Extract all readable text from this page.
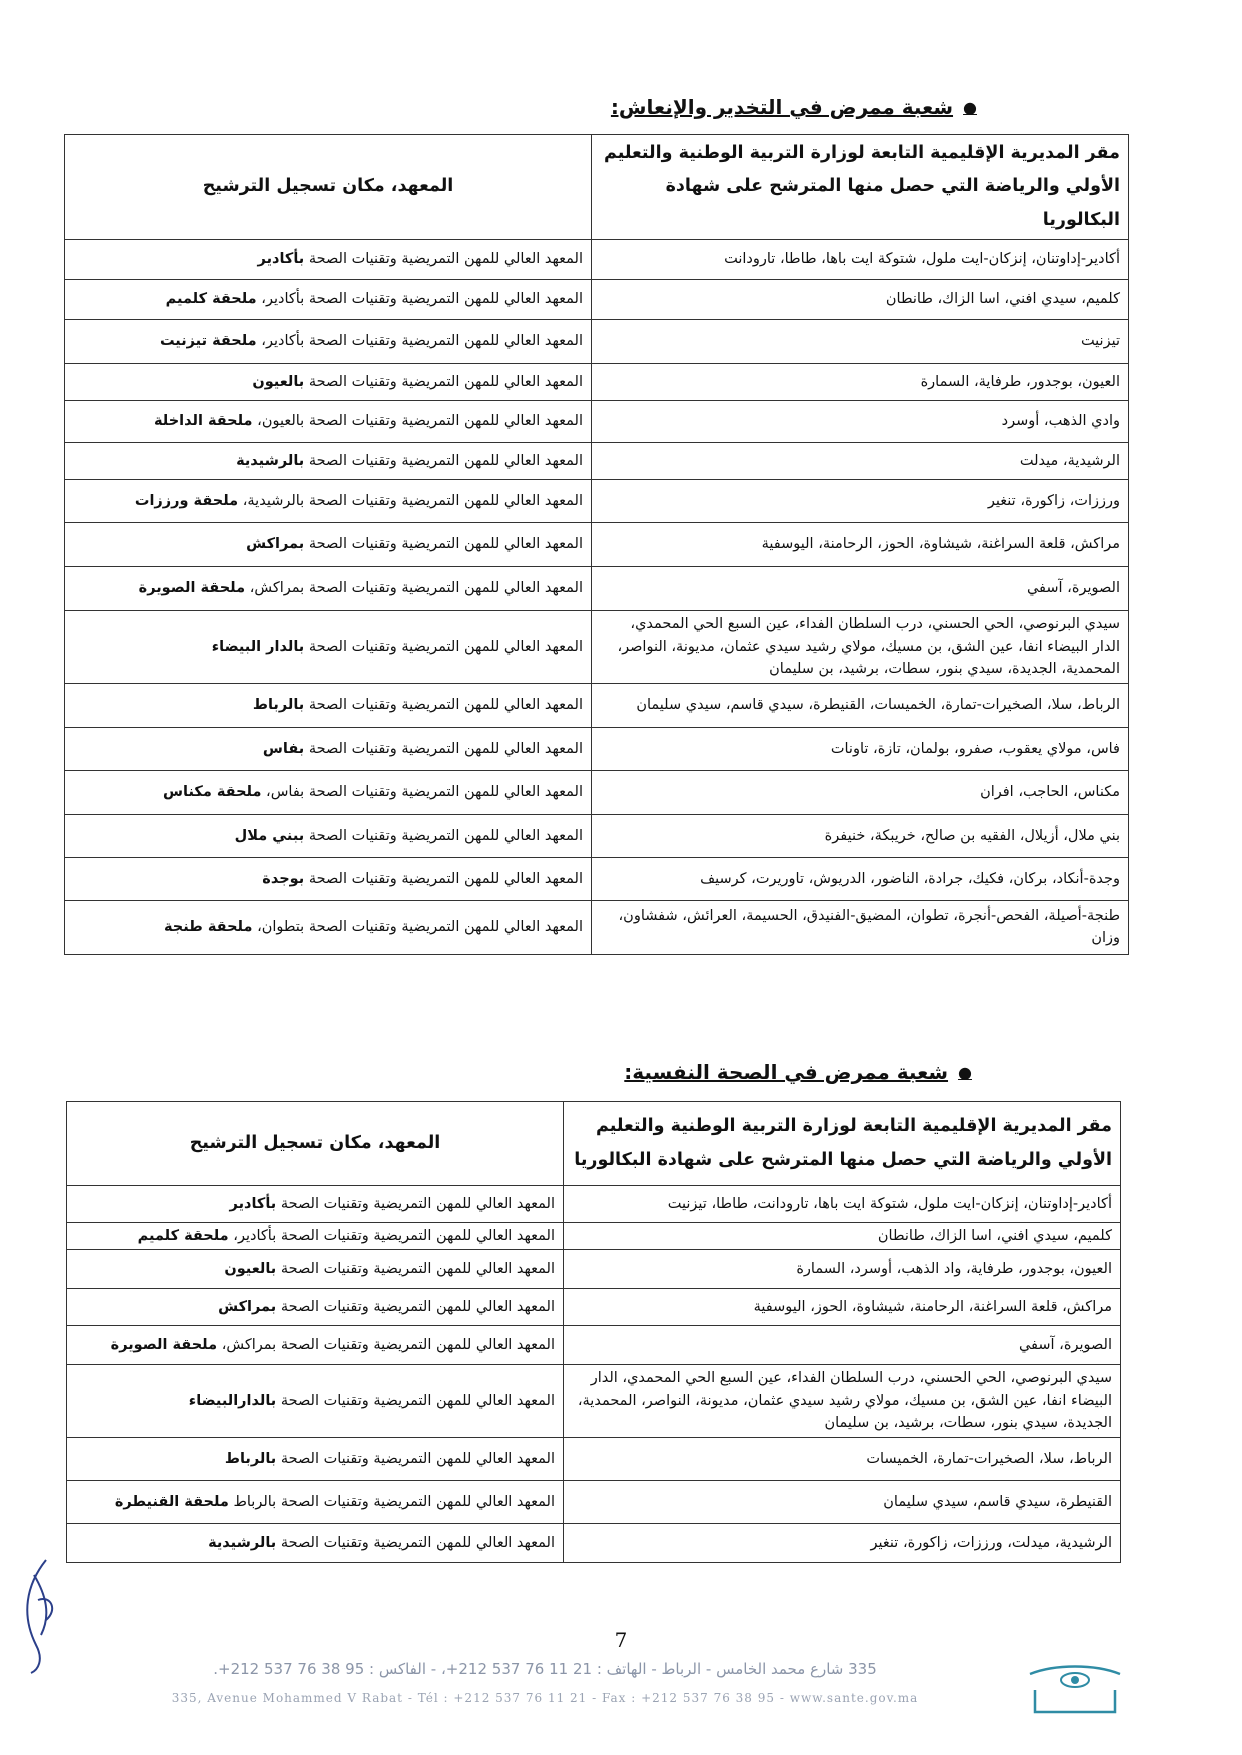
●
شعبة ممرض في التخدير والإنعاش:
مقر المديرية الإقليمية التابعة لوزارة التربية الوطنية والتعليم الأولي والرياضة التي حصل منها المترشح على شهادة البكالوريا	المعهد، مكان تسجيل الترشيح
أكادير-إداوتنان، إنزكان-ايت ملول، شتوكة ايت باها، طاطا، تارودانت	المعهد العالي للمهن التمريضية وتقنيات الصحة بأكادير
كلميم، سيدي افني، اسا الزاك، طانطان	المعهد العالي للمهن التمريضية وتقنيات الصحة بأكادير، ملحقة كلميم
تيزنيت	المعهد العالي للمهن التمريضية وتقنيات الصحة بأكادير، ملحقة تيزنيت
العيون، بوجدور، طرفاية، السمارة	المعهد العالي للمهن التمريضية وتقنيات الصحة بالعيون
وادي الذهب، أوسرد	المعهد العالي للمهن التمريضية وتقنيات الصحة بالعيون، ملحقة الداخلة
الرشيدية، ميدلت	المعهد العالي للمهن التمريضية وتقنيات الصحة بالرشيدية
ورززات، زاكورة، تنغير	المعهد العالي للمهن التمريضية وتقنيات الصحة بالرشيدية، ملحقة ورززات
مراكش، قلعة السراغنة، شيشاوة، الحوز، الرحامنة، اليوسفية	المعهد العالي للمهن التمريضية وتقنيات الصحة بمراكش
الصويرة، آسفي	المعهد العالي للمهن التمريضية وتقنيات الصحة بمراكش، ملحقة الصويرة
سيدي البرنوصي، الحي الحسني، درب السلطان الفداء، عين السبع الحي المحمدي، الدار البيضاء انفا، عين الشق، بن مسيك، مولاي رشيد سيدي عثمان، مديونة، النواصر، المحمدية، الجديدة، سيدي بنور، سطات، برشيد، بن سليمان	المعهد العالي للمهن التمريضية وتقنيات الصحة بالدار البيضاء
الرباط، سلا، الصخيرات-تمارة، الخميسات، القنيطرة، سيدي قاسم، سيدي سليمان	المعهد العالي للمهن التمريضية وتقنيات الصحة بالرباط
فاس، مولاي يعقوب، صفرو، بولمان، تازة، تاونات	المعهد العالي للمهن التمريضية وتقنيات الصحة بفاس
مكناس، الحاجب، افران	المعهد العالي للمهن التمريضية وتقنيات الصحة بفاس، ملحقة مكناس
بني ملال، أزيلال، الفقيه بن صالح، خريبكة، خنيفرة	المعهد العالي للمهن التمريضية وتقنيات الصحة ببني ملال
وجدة-أنكاد، بركان، فكيك، جرادة، الناضور، الدريوش، تاوريرت، كرسيف	المعهد العالي للمهن التمريضية وتقنيات الصحة بوجدة
طنجة-أصيلة، الفحص-أنجرة، تطوان، المضيق-الفنيدق، الحسيمة، العرائش، شفشاون، وزان	المعهد العالي للمهن التمريضية وتقنيات الصحة بتطوان، ملحقة طنجة
●
شعبة ممرض في الصحة النفسية:
مقر المديرية الإقليمية التابعة لوزارة التربية الوطنية والتعليم الأولي والرياضة التي حصل منها المترشح على شهادة البكالوريا	المعهد، مكان تسجيل الترشيح
أكادير-إداوتنان، إنزكان-ايت ملول، شتوكة ايت باها، تارودانت، طاطا، تيزنيت	المعهد العالي للمهن التمريضية وتقنيات الصحة بأكادير
كلميم، سيدي افني، اسا الزاك، طانطان	المعهد العالي للمهن التمريضية وتقنيات الصحة بأكادير، ملحقة كلميم
العيون، بوجدور، طرفاية، واد الذهب، أوسرد، السمارة	المعهد العالي للمهن التمريضية وتقنيات الصحة بالعيون
مراكش، قلعة السراغنة، الرحامنة، شيشاوة، الحوز، اليوسفية	المعهد العالي للمهن التمريضية وتقنيات الصحة بمراكش
الصويرة، آسفي	المعهد العالي للمهن التمريضية وتقنيات الصحة بمراكش، ملحقة الصويرة
سيدي البرنوصي، الحي الحسني، درب السلطان الفداء، عين السبع الحي المحمدي، الدار البيضاء انفا، عين الشق، بن مسيك، مولاي رشيد سيدي عثمان، مديونة، النواصر، المحمدية، الجديدة، سيدي بنور، سطات، برشيد، بن سليمان	المعهد العالي للمهن التمريضية وتقنيات الصحة بالدارالبيضاء
الرباط، سلا، الصخيرات-تمارة، الخميسات	المعهد العالي للمهن التمريضية وتقنيات الصحة بالرباط
القنيطرة، سيدي قاسم، سيدي سليمان	المعهد العالي للمهن التمريضية وتقنيات الصحة بالرباط ملحقة القنيطرة
الرشيدية، ميدلت، ورززات، زاكورة، تنغير	المعهد العالي للمهن التمريضية وتقنيات الصحة بالرشيدية
7
335 شارع محمد الخامس - الرباط - الهاتف : 21 11 76 537 212+، - الفاكس : 95 38 76 537 212+.
335, Avenue Mohammed V Rabat - Tél : +212 537 76 11 21 - Fax : +212 537 76 38 95 - www.sante.gov.ma
